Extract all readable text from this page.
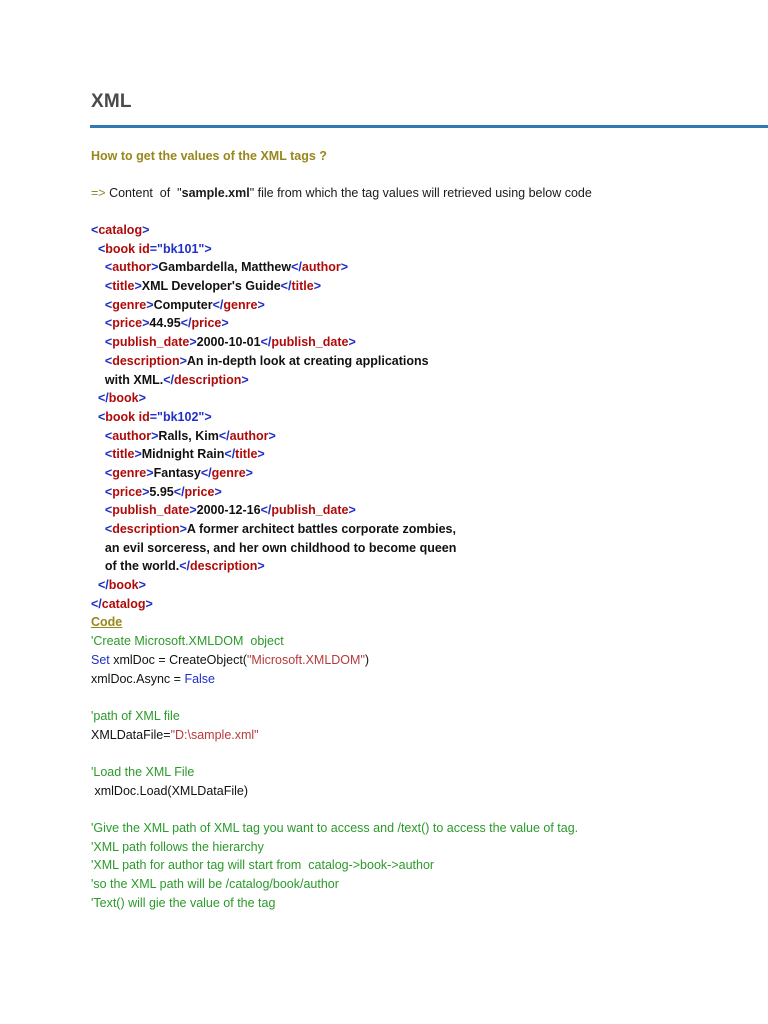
XML
How to get the values of the XML tags ?
=> Content  of  "sample.xml" file from which the tag values will retrieved using below code
<catalog>
<book id="bk101">
<author>Gambardella, Matthew</author>
<title>XML Developer's Guide</title>
<genre>Computer</genre>
<price>44.95</price>
<publish_date>2000-10-01</publish_date>
<description>An in-depth look at creating applications
with XML.</description>
</book>
<book id="bk102">
<author>Ralls, Kim</author>
<title>Midnight Rain</title>
<genre>Fantasy</genre>
<price>5.95</price>
<publish_date>2000-12-16</publish_date>
<description>A former architect battles corporate zombies,
an evil sorceress, and her own childhood to become queen
of the world.</description>
</book>
</catalog>
Code
'Create Microsoft.XMLDOM  object
Set xmlDoc = CreateObject("Microsoft.XMLDOM")
xmlDoc.Async = False
'path of XML file
XMLDataFile="D:\sample.xml"
'Load the XML File
xmlDoc.Load(XMLDataFile)
'Give the XML path of XML tag you want to access and /text() to access the value of tag.
'XML path follows the hierarchy
'XML path for author tag will start from  catalog->book->author
'so the XML path will be /catalog/book/author
'Text() will gie the value of the tag
